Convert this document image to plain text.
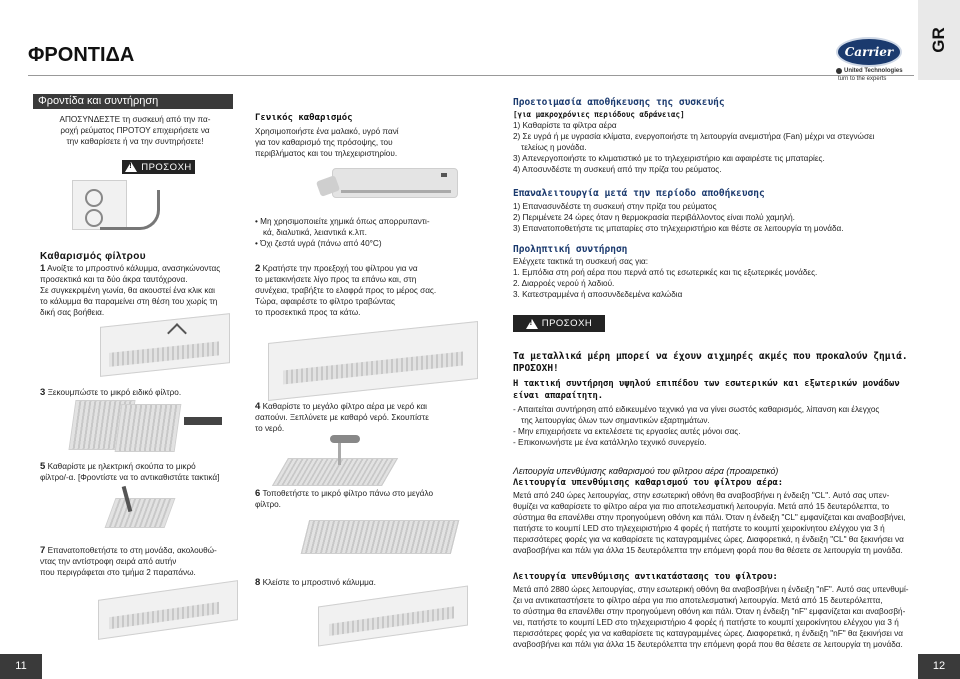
ΦΡΟΝΤΙΔΑ	Carrier
United Technologies
turn to the experts
GR
Φροντίδα και συντήρηση
ΑΠΟΣΥΝΔΕΣΤΕ τη συσκευή από την πα-
ροχή ρεύματος ΠΡΟΤΟΥ επιχειρήσετε να
την καθαρίσετε ή να την συντηρήσετε!
!
ΠΡΟΣΟΧΗ
Καθαρισμός φίλτρου
1 Ανοίξτε το μπροστινό κάλυμμα, ανασηκώνοντας
προσεκτικά και τα δύο άκρα ταυτόχρονα.
Σε συγκεκριμένη γωνία, θα ακουστεί ένα κλικ και
το κάλυμμα θα παραμείνει στη θέση του χωρίς τη
δική σας βοήθεια.
3 Ξεκουμπώστε το μικρό ειδικό φίλτρο.
5 Καθαρίστε με ηλεκτρική σκούπα το μικρό
φίλτρο/-α. [Φροντίστε να το αντικαθιστάτε τακτικά]
7 Επανατοποθετήστε το στη μονάδα, ακολουθώ-
ντας την αντίστροφη σειρά από αυτήν
που περιγράφεται στο τμήμα 2 παραπάνω.
11
Γενικός καθαρισμός
Χρησιμοποιήστε ένα μαλακό, υγρό πανί
για τον καθαρισμό της πρόσοψης, του
περιβλήματος και του τηλεχειριστηρίου.
• Μη χρησιμοποιείτε χημικά όπως απορρυπαντι-
κά, διαλυτικά, λειαντικά κ.λπ.
• Όχι ζεστά υγρά (πάνω από 40°C)
2 Κρατήστε την προεξοχή του φίλτρου για να
το μετακινήσετε λίγο προς τα επάνω και, στη
συνέχεια, τραβήξτε το ελαφρά προς το μέρος σας.
Τώρα, αφαιρέστε το φίλτρο τραβώντας
το προσεκτικά προς τα κάτω.
4 Καθαρίστε το μεγάλο φίλτρο αέρα με νερό και
σαπούνι. Ξεπλύνετε με καθαρό νερό. Σκουπίστε
το νερό.
6 Τοποθετήστε το μικρό φίλτρο πάνω στο μεγάλο
φίλτρο.
8 Κλείστε το μπροστινό κάλυμμα.
Προετοιμασία αποθήκευσης της συσκευής
[για μακροχρόνιες περιόδους αδράνειας]
1) Καθαρίστε τα φίλτρα αέρα
2) Σε υγρά ή με υγρασία κλίματα, ενεργοποιήστε τη λειτουργία ανεμιστήρα (Fan) μέχρι να στεγνώσει
τελείως η μονάδα.
3) Απενεργοποιήστε το κλιματιστικό με το τηλεχειριστήριο και αφαιρέστε τις μπαταρίες.
4) Αποσυνδέστε τη συσκευή από την πρίζα του ρεύματος.
Επαναλειτουργία μετά την περίοδο αποθήκευσης
1) Επανασυνδέστε τη συσκευή στην πρίζα του ρεύματος
2) Περιμένετε 24 ώρες όταν η θερμοκρασία περιβάλλοντος είναι πολύ χαμηλή.
3) Επανατοποθετήστε τις μπαταρίες στο τηλεχειριστήριο και θέστε σε λειτουργία τη μονάδα.
Προληπτική συντήρηση
Ελέγχετε τακτικά τη συσκευή σας για:
1. Εμπόδια στη ροή αέρα που περνά από τις εσωτερικές και τις εξωτερικές μονάδες.
2. Διαρροές νερού ή λαδιού.
3. Κατεστραμμένα ή αποσυνδεδεμένα καλώδια
!
ΠΡΟΣΟΧΗ
Τα μεταλλικά μέρη μπορεί να έχουν αιχμηρές ακμές που προκαλούν ζημιά.
ΠΡΟΣΟΧΗ!
Η τακτική συντήρηση υψηλού επιπέδου των εσωτερικών και εξωτερικών μονάδων
είναι απαραίτητη.
- Απαιτείται συντήρηση από ειδικευμένο τεχνικό για να γίνει σωστός καθαρισμός, λίπανση και έλεγχος
της λειτουργίας όλων των σημαντικών εξαρτημάτων.
- Μην επιχειρήσετε να εκτελέσετε τις εργασίες αυτές μόνοι σας.
- Επικοινωνήστε με ένα κατάλληλο τεχνικό συνεργείο.
Λειτουργία υπενθύμισης καθαρισμού του φίλτρου αέρα (προαιρετικό)
Λειτουργία υπενθύμισης καθαρισμού του φίλτρου αέρα:
Μετά από 240 ώρες λειτουργίας, στην εσωτερική οθόνη θα αναβοσβήνει η ένδειξη "CL". Αυτό σας υπεν-
θυμίζει να καθαρίσετε το φίλτρο αέρα για πιο αποτελεσματική λειτουργία. Μετά από 15 δευτερόλεπτα, το
σύστημα θα επανέλθει στην προηγούμενη οθόνη και πάλι. Όταν η ένδειξη "CL" εμφανίζεται και αναβοσβήνει,
πατήστε το κουμπί LED στο τηλεχειριστήριο 4 φορές ή πατήστε το κουμπί χειροκίνητου ελέγχου για 3 ή
περισσότερες φορές για να καθαρίσετε τις καταγραμμένες ώρες. Διαφορετικά, η ένδειξη "CL" θα ξεκινήσει να
αναβοσβήνει και πάλι για άλλα 15 δευτερόλεπτα την επόμενη φορά που θα θέσετε σε λειτουργία τη μονάδα.
Λειτουργία υπενθύμισης αντικατάστασης του φίλτρου:
Μετά από 2880 ώρες λειτουργίας, στην εσωτερική οθόνη θα αναβοσβήνει η ένδειξη "nF". Αυτό σας υπενθυμί-
ζει να αντικαταστήσετε το φίλτρο αέρα για πιο αποτελεσματική λειτουργία. Μετά από 15 δευτερόλεπτα,
το σύστημα θα επανέλθει στην προηγούμενη οθόνη και πάλι. Όταν η ένδειξη "nF" εμφανίζεται και αναβοσβή-
νει, πατήστε το κουμπί LED στο τηλεχειριστήριο 4 φορές ή πατήστε το κουμπί χειροκίνητου ελέγχου για 3 ή
περισσότερες φορές για να καθαρίσετε τις καταγραμμένες ώρες. Διαφορετικά, η ένδειξη "nF" θα ξεκινήσει να
αναβοσβήνει και πάλι για άλλα 15 δευτερόλεπτα την επόμενη φορά που θα θέσετε σε λειτουργία τη μονάδα.
12
